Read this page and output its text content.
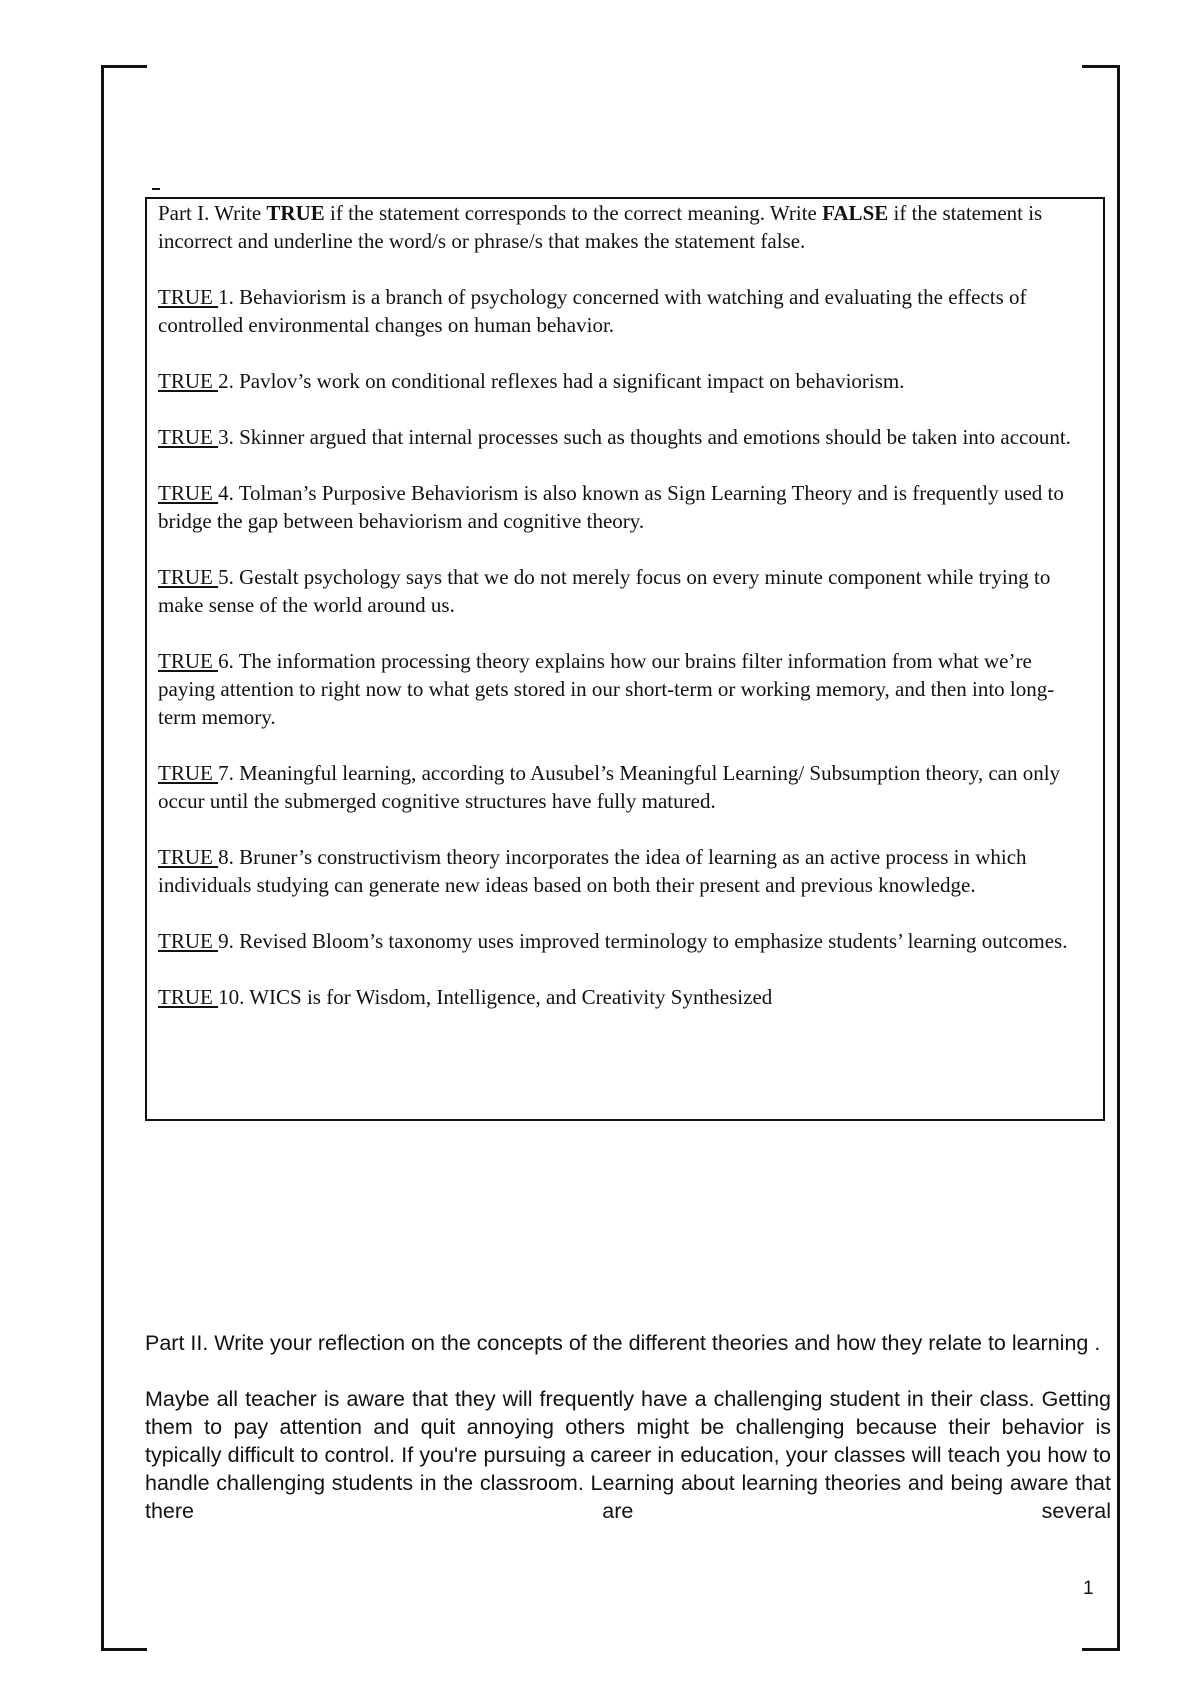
Part I. Write TRUE if the statement corresponds to the correct meaning. Write FALSE if the statement is incorrect and underline the word/s or phrase/s that makes the statement false.

TRUE 1. Behaviorism is a branch of psychology concerned with watching and evaluating the effects of controlled environmental changes on human behavior.

TRUE 2. Pavlov’s work on conditional reflexes had a significant impact on behaviorism.

TRUE 3. Skinner argued that internal processes such as thoughts and emotions should be taken into account.

TRUE 4. Tolman’s Purposive Behaviorism is also known as Sign Learning Theory and is frequently used to bridge the gap between behaviorism and cognitive theory.

TRUE 5. Gestalt psychology says that we do not merely focus on every minute component while trying to make sense of the world around us.

TRUE 6. The information processing theory explains how our brains filter information from what we’re paying attention to right now to what gets stored in our short-term or working memory, and then into long-term memory.

TRUE 7. Meaningful learning, according to Ausubel’s Meaningful Learning/ Subsumption theory, can only occur until the submerged cognitive structures have fully matured.

TRUE 8. Bruner’s constructivism theory incorporates the idea of learning as an active process in which individuals studying can generate new ideas based on both their present and previous knowledge.

TRUE 9. Revised Bloom’s taxonomy uses improved terminology to emphasize students’ learning outcomes.

TRUE 10. WICS is for Wisdom, Intelligence, and Creativity Synthesized

Part II. Write your reflection on the concepts of the different theories and how they relate to learning .

Maybe all teacher is aware that they will frequently have a challenging student in their class. Getting them to pay attention and quit annoying others might be challenging because their behavior is typically difficult to control. If you're pursuing a career in education, your classes will teach you how to handle challenging students in the classroom. Learning about learning theories and being aware that there are several

1
